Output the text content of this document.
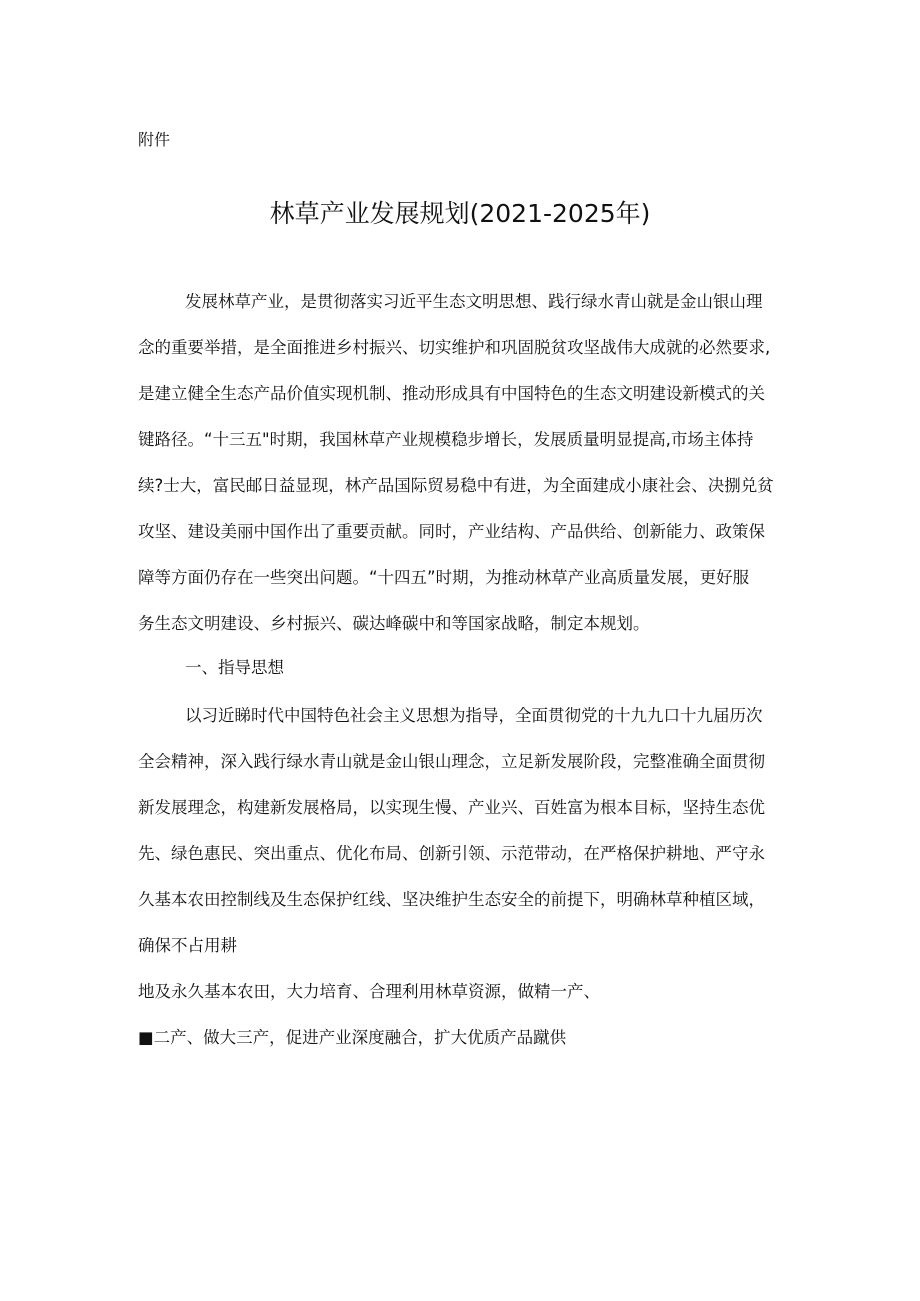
附件
林草产业发展规划(2021-2025年)
发展林草产业，是贯彻落实习近平生态文明思想、践行绿水青山就是金山银山理
念的重要举措，是全面推进乡村振兴、切实维护和巩固脱贫攻坚战伟大成就的必然要求,
是建立健全生态产品价值实现机制、推动形成具有中国特色的生态文明建设新模式的关
键路径。“十三五"时期，我国林草产业规模稳步增长，发展质量明显提高,市场主体持
续?士大，富民邮日益显现，林产品国际贸易稳中有进，为全面建成小康社会、决捌兑贫
攻坚、建设美丽中国作出了重要贡献。同时，产业结构、产品供给、创新能力、政策保
障等方面仍存在一些突出问题。“十四五”时期，为推动林草产业高质量发展，更好服
务生态文明建设、乡村振兴、碳达峰碳中和等国家战略，制定本规划。
一、指导思想
以习近睇时代中国特色社会主义思想为指导，全面贯彻党的十九九口十九届历次
全会精神，深入践行绿水青山就是金山银山理念，立足新发展阶段，完整准确全面贯彻
新发展理念，构建新发展格局，以实现生慢、产业兴、百姓富为根本目标，坚持生态优
先、绿色惠民、突出重点、优化布局、创新引领、示范带动，在严格保护耕地、严守永
久基本农田控制线及生态保护红线、坚决维护生态安全的前提下，明确林草种植区域，
确保不占用耕
地及永久基本农田，大力培育、合理利用林草资源，做精一产、
■二产、做大三产，促进产业深度融合，扩大优质产品蹴供
